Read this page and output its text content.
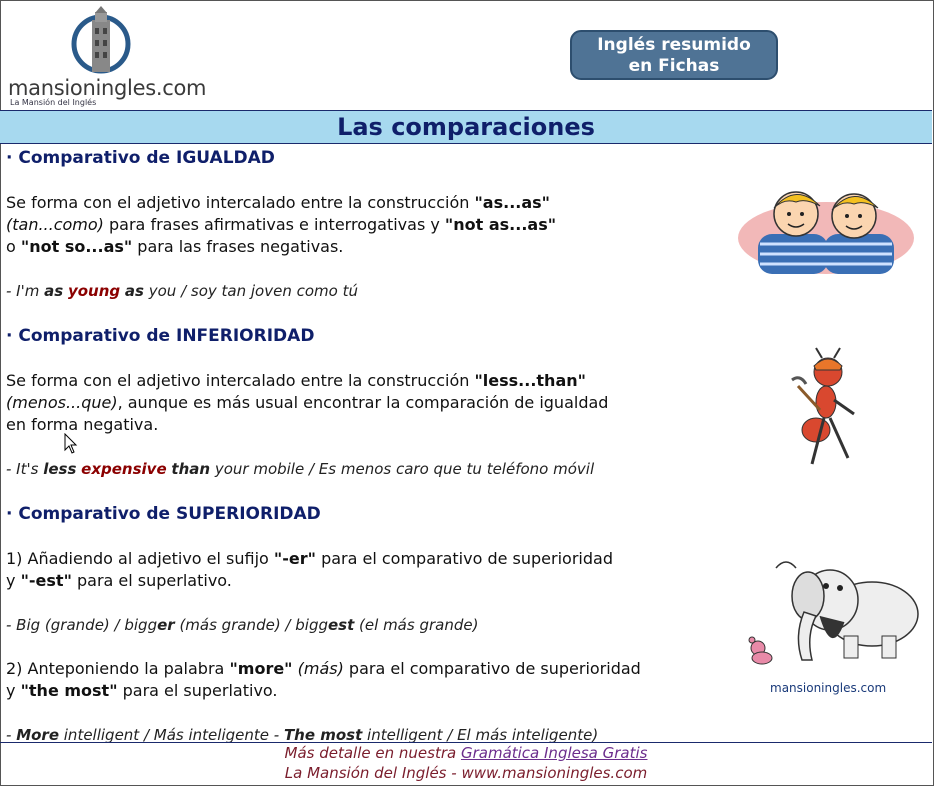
mansioningles.com
La Mansión del Inglés
Inglés resumido
en Fichas
Las comparaciones
· Comparativo de IGUALDAD

Se forma con el adjetivo intercalado entre la construcción "as...as"
(tan...como) para frases afirmativas e interrogativas y "not as...as"
o "not so...as" para las frases negativas.

- I'm as young as you / soy tan joven como tú

· Comparativo de INFERIORIDAD

Se forma con el adjetivo intercalado entre la construcción "less...than"
(menos...que), aunque es más usual encontrar la comparación de igualdad
en forma negativa.

- It's less expensive than your mobile / Es menos caro que tu teléfono móvil

· Comparativo de SUPERIORIDAD

1) Añadiendo al adjetivo el sufijo "-er" para el comparativo de superioridad
y "-est" para el superlativo.

- Big (grande) / bigger (más grande) / biggest (el más grande)

2) Anteponiendo la palabra "more" (más) para el comparativo de superioridad
y "the most" para el superlativo.

- More intelligent / Más inteligente - The most intelligent / El más inteligente)

mansioningles.com
Más detalle en nuestra Gramática Inglesa Gratis
La Mansión del Inglés - www.mansioningles.com
